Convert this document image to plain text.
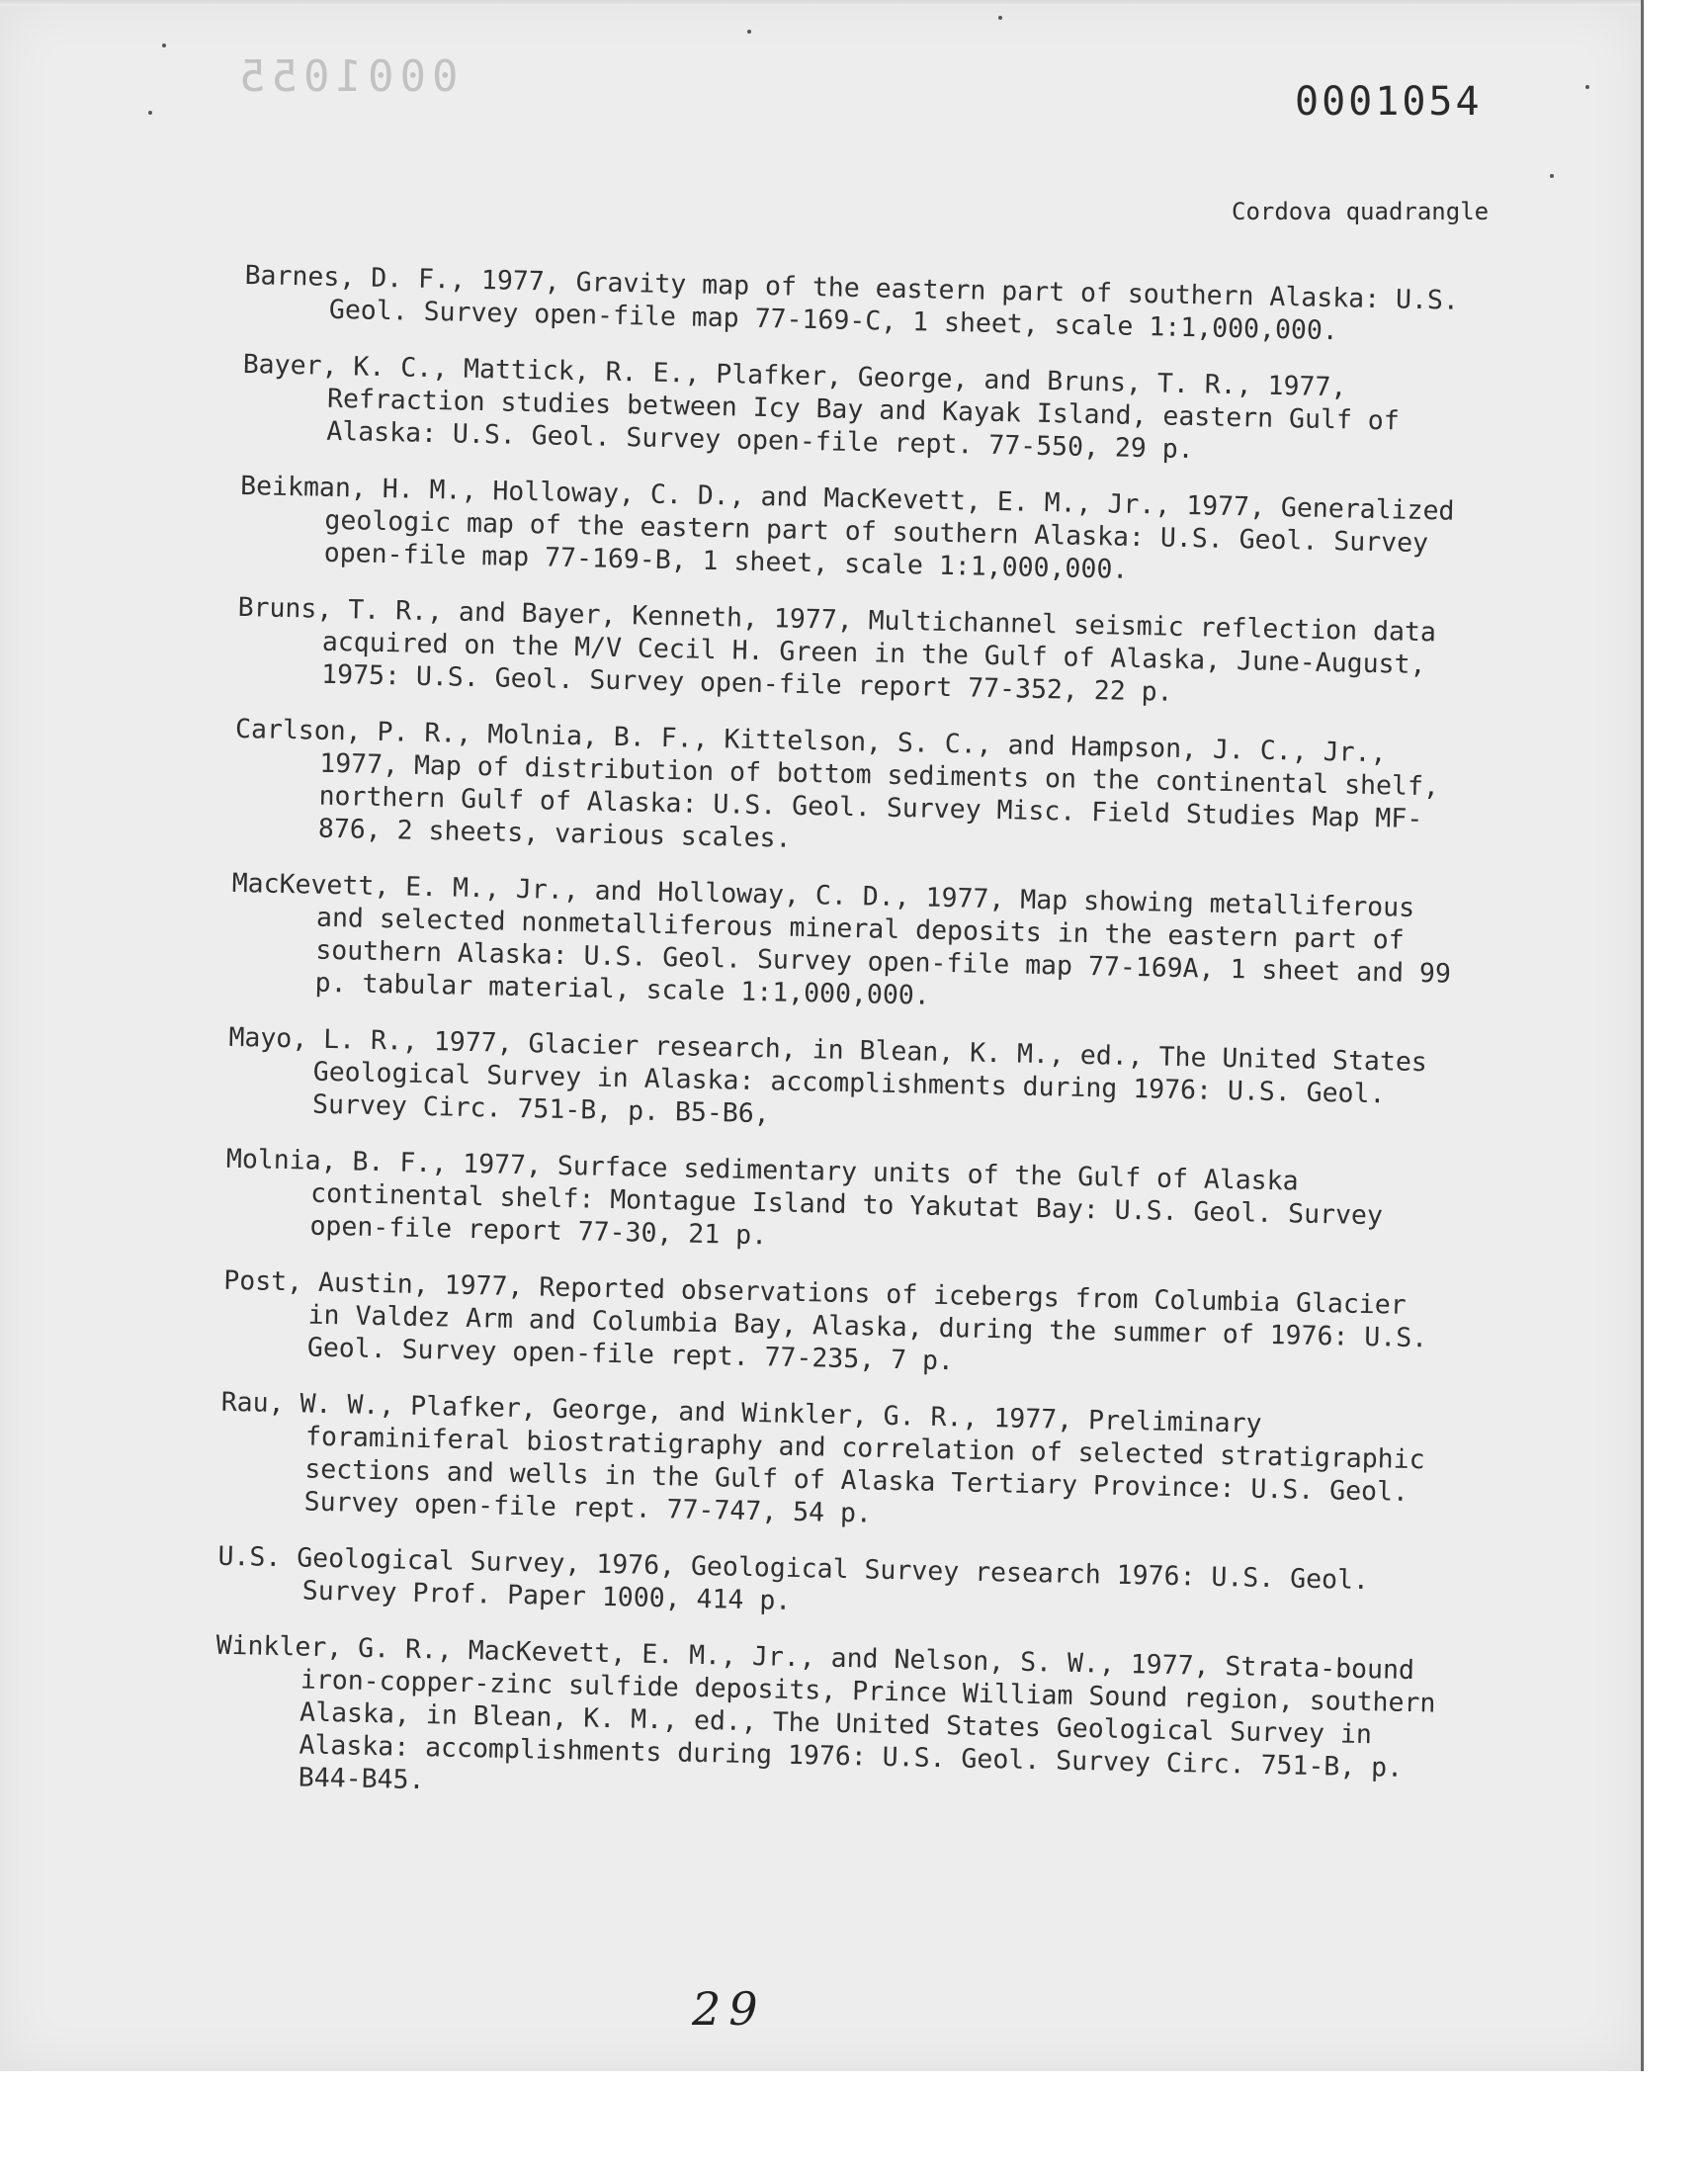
0001055	0001054
Cordova quadrangle

Barnes, D. F., 1977, Gravity map of the eastern part of southern Alaska: U.S. Geol. Survey open-file map 77-169-C, 1 sheet, scale 1:1,000,000.

Bayer, K. C., Mattick, R. E., Plafker, George, and Bruns, T. R., 1977, Refraction studies between Icy Bay and Kayak Island, eastern Gulf of Alaska: U.S. Geol. Survey open-file rept. 77-550, 29 p.

Beikman, H. M., Holloway, C. D., and MacKevett, E. M., Jr., 1977, Generalized geologic map of the eastern part of southern Alaska: U.S. Geol. Survey open-file map 77-169-B, 1 sheet, scale 1:1,000,000.

Bruns, T. R., and Bayer, Kenneth, 1977, Multichannel seismic reflection data acquired on the M/V Cecil H. Green in the Gulf of Alaska, June-August, 1975: U.S. Geol. Survey open-file report 77-352, 22 p.

Carlson, P. R., Molnia, B. F., Kittelson, S. C., and Hampson, J. C., Jr., 1977, Map of distribution of bottom sediments on the continental shelf, northern Gulf of Alaska: U.S. Geol. Survey Misc. Field Studies Map MF-876, 2 sheets, various scales.

MacKevett, E. M., Jr., and Holloway, C. D., 1977, Map showing metalliferous and selected nonmetalliferous mineral deposits in the eastern part of southern Alaska: U.S. Geol. Survey open-file map 77-169A, 1 sheet and 99 p. tabular material, scale 1:1,000,000.

Mayo, L. R., 1977, Glacier research, in Blean, K. M., ed., The United States Geological Survey in Alaska: accomplishments during 1976: U.S. Geol. Survey Circ. 751-B, p. B5-B6,

Molnia, B. F., 1977, Surface sedimentary units of the Gulf of Alaska continental shelf: Montague Island to Yakutat Bay: U.S. Geol. Survey open-file report 77-30, 21 p.

Post, Austin, 1977, Reported observations of icebergs from Columbia Glacier in Valdez Arm and Columbia Bay, Alaska, during the summer of 1976: U.S. Geol. Survey open-file rept. 77-235, 7 p.

Rau, W. W., Plafker, George, and Winkler, G. R., 1977, Preliminary foraminiferal biostratigraphy and correlation of selected stratigraphic sections and wells in the Gulf of Alaska Tertiary Province: U.S. Geol. Survey open-file rept. 77-747, 54 p.

U.S. Geological Survey, 1976, Geological Survey research 1976: U.S. Geol. Survey Prof. Paper 1000, 414 p.

Winkler, G. R., MacKevett, E. M., Jr., and Nelson, S. W., 1977, Strata-bound iron-copper-zinc sulfide deposits, Prince William Sound region, southern Alaska, in Blean, K. M., ed., The United States Geological Survey in Alaska: accomplishments during 1976: U.S. Geol. Survey Circ. 751-B, p. B44-B45.

29
